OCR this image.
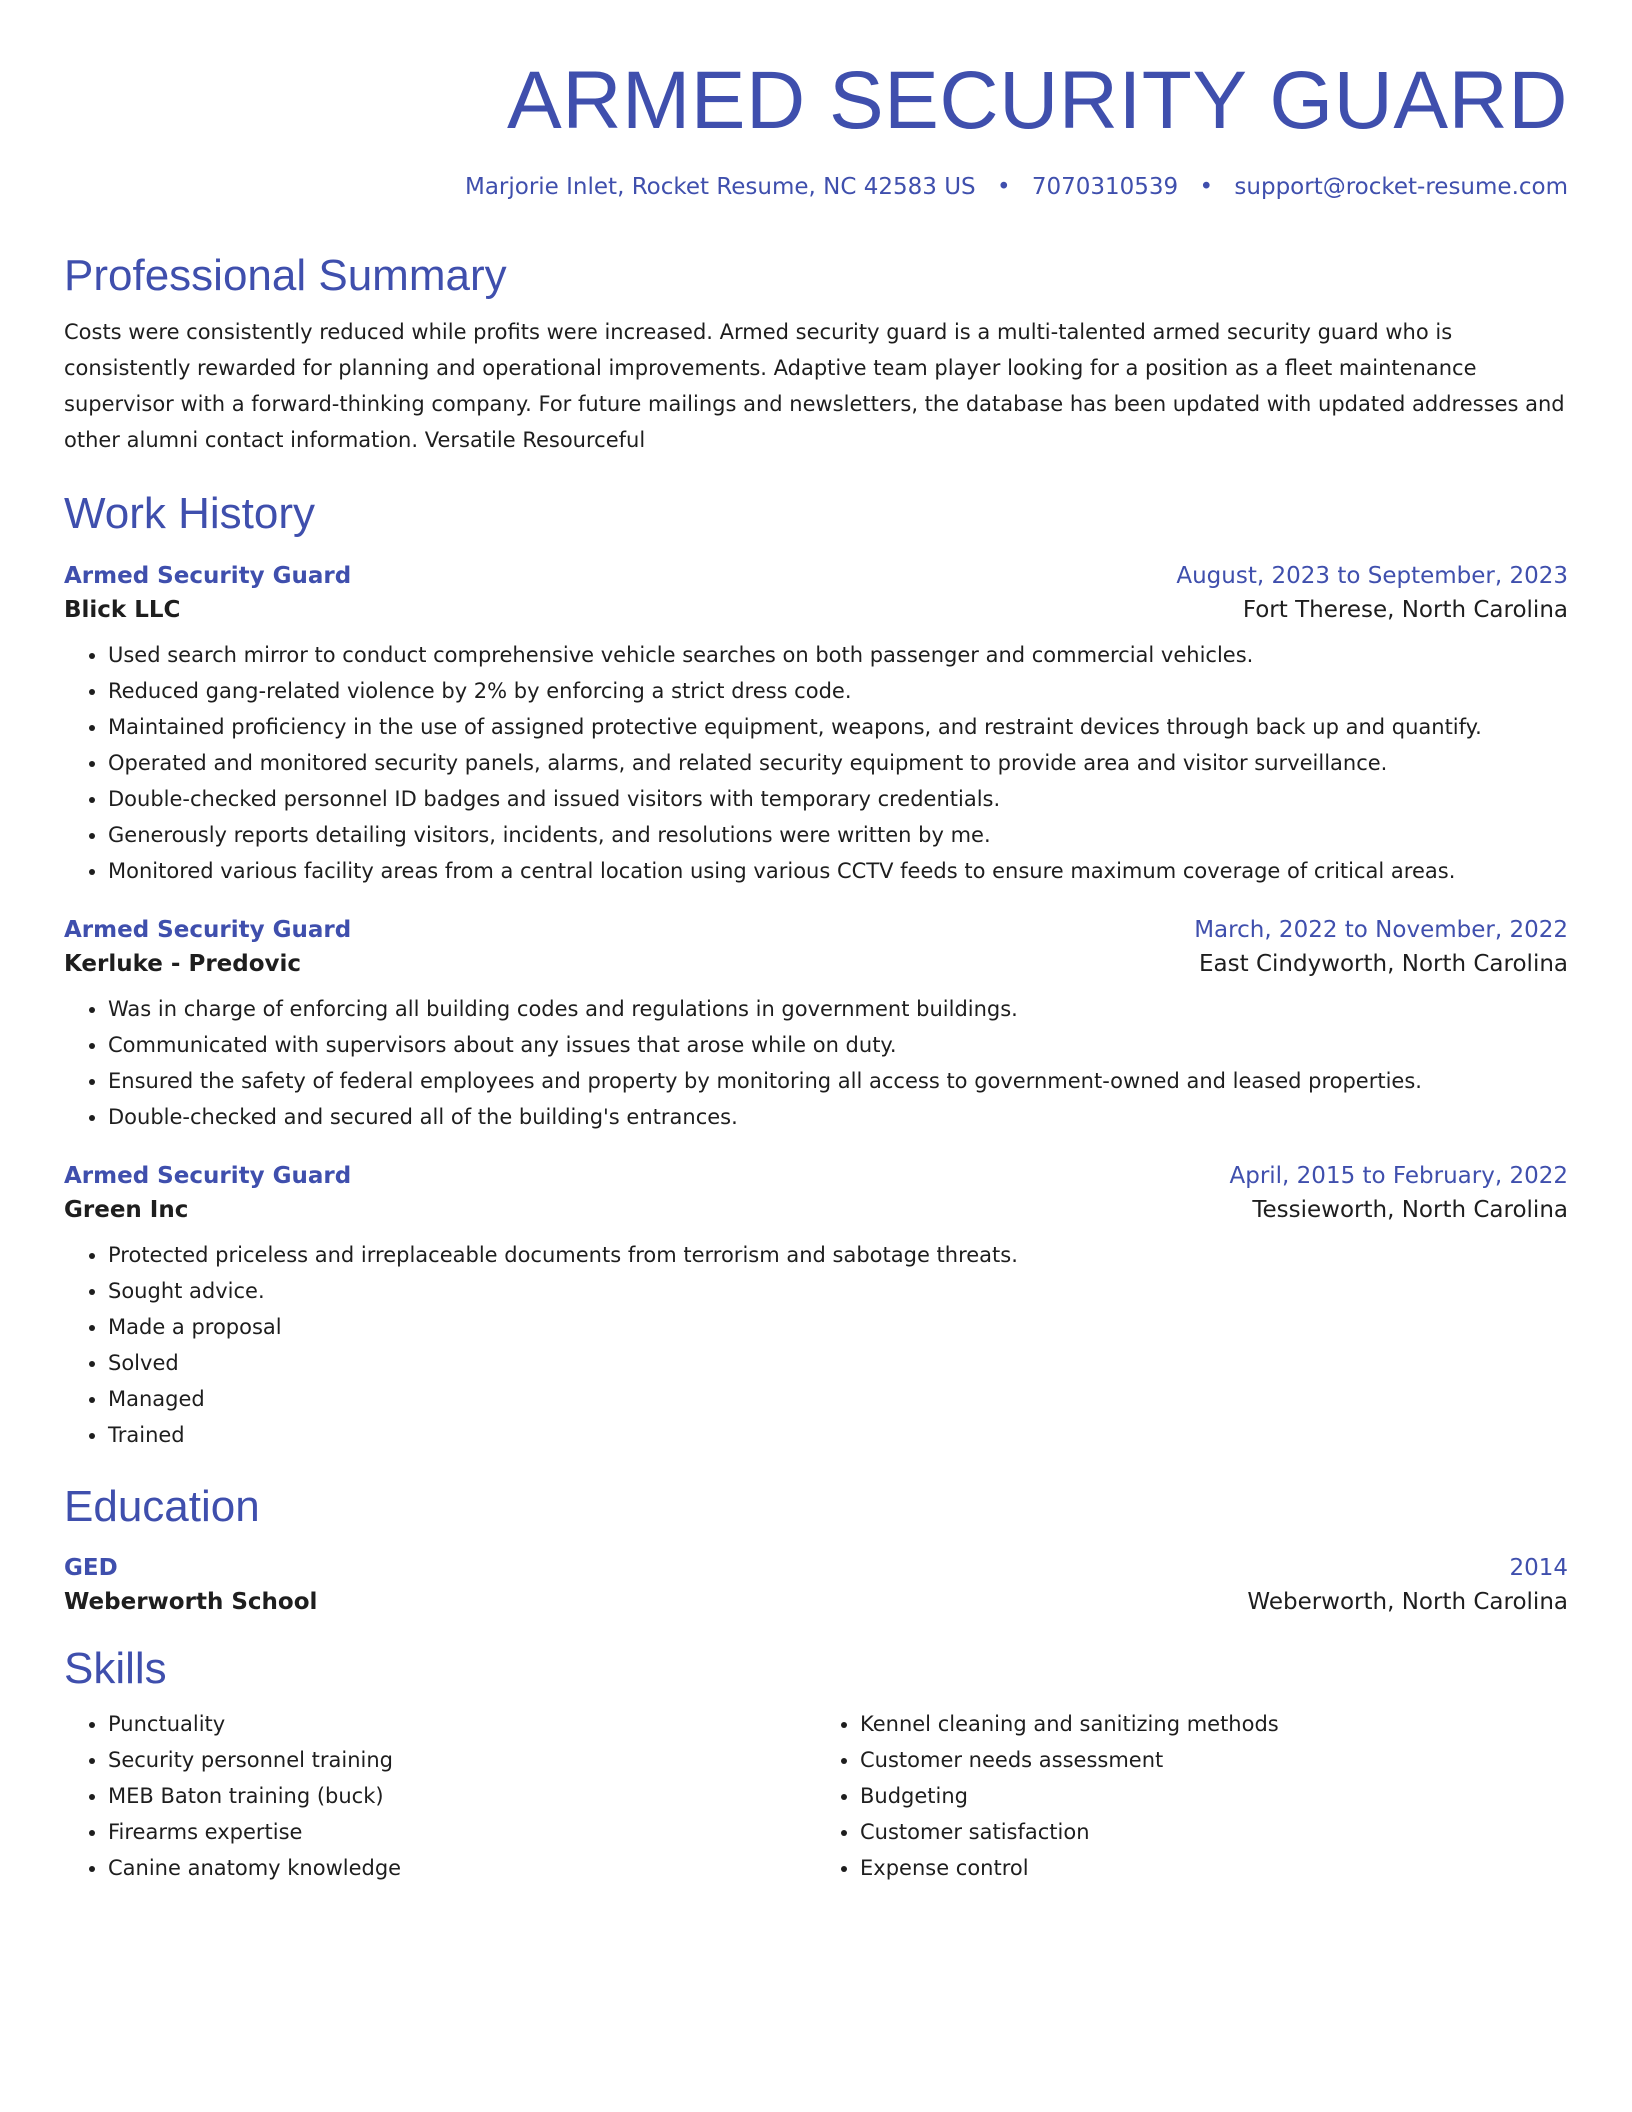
ARMED SECURITY GUARD
Marjorie Inlet, Rocket Resume, NC 42583 US • 7070310539 • support@rocket-resume.com
Professional Summary

Costs were consistently reduced while profits were increased. Armed security guard is a multi-talented armed security guard who is consistently rewarded for planning and operational improvements. Adaptive team player looking for a position as a fleet maintenance supervisor with a forward-thinking company. For future mailings and newsletters, the database has been updated with updated addresses and other alumni contact information. Versatile Resourceful

Work History
Armed Security Guard	August, 2023 to September, 2023
Blick LLC	Fort Therese, North Carolina
• Used search mirror to conduct comprehensive vehicle searches on both passenger and commercial vehicles.
• Reduced gang-related violence by 2% by enforcing a strict dress code.
• Maintained proficiency in the use of assigned protective equipment, weapons, and restraint devices through back up and quantify.
• Operated and monitored security panels, alarms, and related security equipment to provide area and visitor surveillance.
• Double-checked personnel ID badges and issued visitors with temporary credentials.
• Generously reports detailing visitors, incidents, and resolutions were written by me.
• Monitored various facility areas from a central location using various CCTV feeds to ensure maximum coverage of critical areas.
Armed Security Guard	March, 2022 to November, 2022
Kerluke - Predovic	East Cindyworth, North Carolina
• Was in charge of enforcing all building codes and regulations in government buildings.
• Communicated with supervisors about any issues that arose while on duty.
• Ensured the safety of federal employees and property by monitoring all access to government-owned and leased properties.
• Double-checked and secured all of the building's entrances.
Armed Security Guard	April, 2015 to February, 2022
Green Inc	Tessieworth, North Carolina
• Protected priceless and irreplaceable documents from terrorism and sabotage threats.
• Sought advice.
• Made a proposal
• Solved
• Managed
• Trained
Education
GED	2014
Weberworth School	Weberworth, North Carolina
Skills
• Punctuality
• Security personnel training
• MEB Baton training (buck)
• Firearms expertise
• Canine anatomy knowledge
• Kennel cleaning and sanitizing methods
• Customer needs assessment
• Budgeting
• Customer satisfaction
• Expense control
